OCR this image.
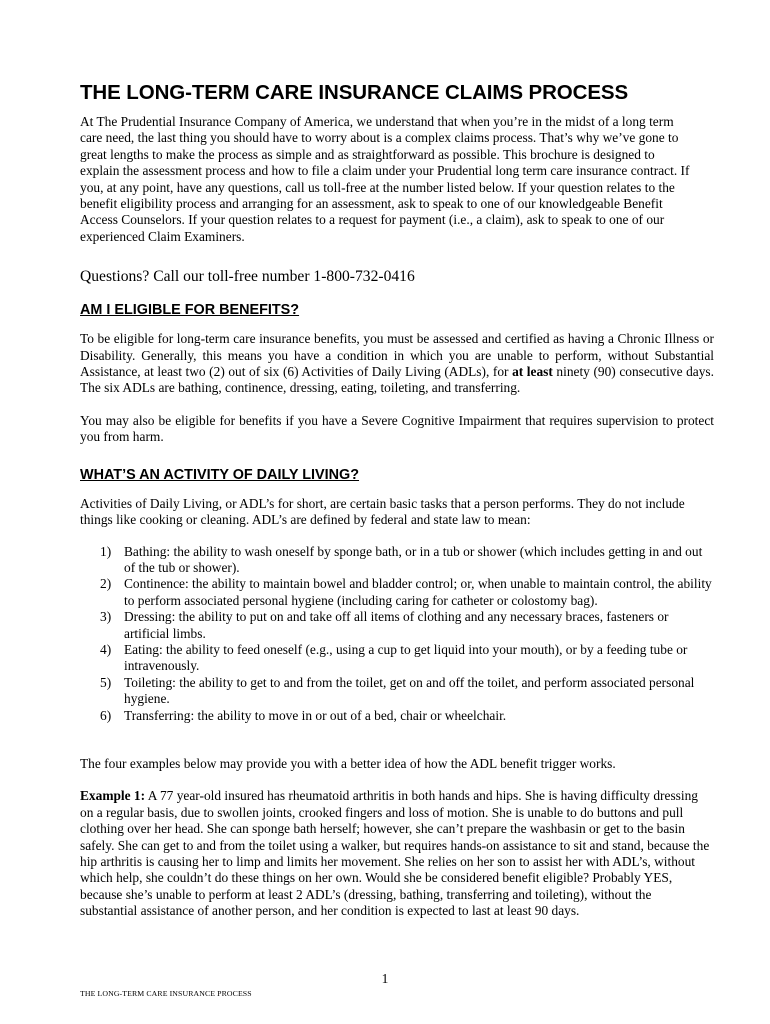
THE LONG-TERM CARE INSURANCE CLAIMS PROCESS

At The Prudential Insurance Company of America, we understand that when you’re in the midst of a long term care need, the last thing you should have to worry about is a complex claims process. That’s why we’ve gone to great lengths to make the process as simple and as straightforward as possible. This brochure is designed to explain the assessment process and how to file a claim under your Prudential long term care insurance contract. If you, at any point, have any questions, call us toll-free at the number listed below. If your question relates to the benefit eligibility process and arranging for an assessment, ask to speak to one of our knowledgeable Benefit Access Counselors. If your question relates to a request for payment (i.e., a claim), ask to speak to one of our experienced Claim Examiners.

Questions? Call our toll-free number 1-800-732-0416

AM I ELIGIBLE FOR BENEFITS?

To be eligible for long-term care insurance benefits, you must be assessed and certified as having a Chronic Illness or Disability. Generally, this means you have a condition in which you are unable to perform, without Substantial Assistance, at least two (2) out of six (6) Activities of Daily Living (ADLs), for at least ninety (90) consecutive days. The six ADLs are bathing, continence, dressing, eating, toileting, and transferring.

You may also be eligible for benefits if you have a Severe Cognitive Impairment that requires supervision to protect you from harm.

WHAT’S AN ACTIVITY OF DAILY LIVING?

Activities of Daily Living, or ADL’s for short, are certain basic tasks that a person performs. They do not include things like cooking or cleaning. ADL’s are defined by federal and state law to mean:

1) Bathing: the ability to wash oneself by sponge bath, or in a tub or shower (which includes getting in and out of the tub or shower).
2) Continence: the ability to maintain bowel and bladder control; or, when unable to maintain control, the ability to perform associated personal hygiene (including caring for catheter or colostomy bag).
3) Dressing: the ability to put on and take off all items of clothing and any necessary braces, fasteners or artificial limbs.
4) Eating: the ability to feed oneself (e.g., using a cup to get liquid into your mouth), or by a feeding tube or intravenously.
5) Toileting: the ability to get to and from the toilet, get on and off the toilet, and perform associated personal hygiene.
6) Transferring: the ability to move in or out of a bed, chair or wheelchair.

The four examples below may provide you with a better idea of how the ADL benefit trigger works.

Example 1: A 77 year-old insured has rheumatoid arthritis in both hands and hips. She is having difficulty dressing on a regular basis, due to swollen joints, crooked fingers and loss of motion. She is unable to do buttons and pull clothing over her head. She can sponge bath herself; however, she can’t prepare the washbasin or get to the basin safely. She can get to and from the toilet using a walker, but requires hands-on assistance to sit and stand, because the hip arthritis is causing her to limp and limits her movement. She relies on her son to assist her with ADL’s, without which help, she couldn’t do these things on her own. Would she be considered benefit eligible? Probably YES, because she’s unable to perform at least 2 ADL’s (dressing, bathing, transferring and toileting), without the substantial assistance of another person, and her condition is expected to last at least 90 days.

1

THE LONG-TERM CARE INSURANCE PROCESS
